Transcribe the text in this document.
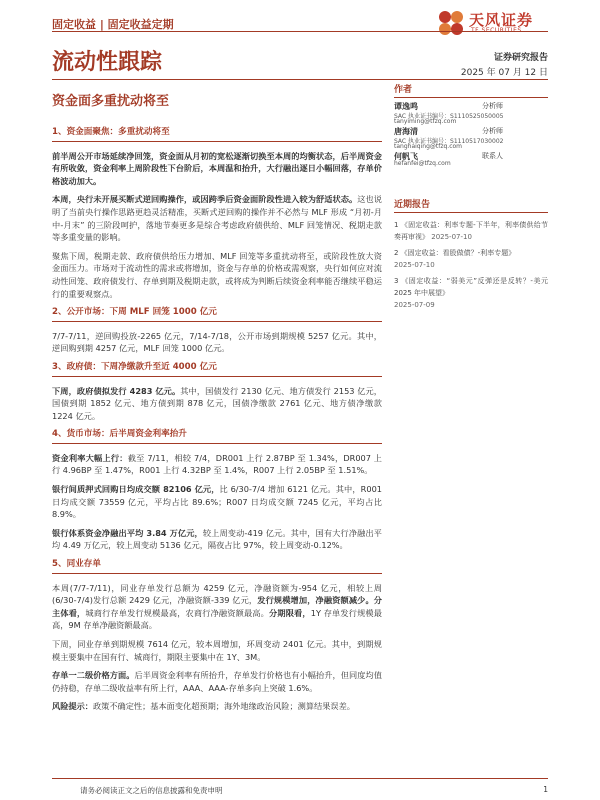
固定收益 | 固定收益定期	天风证券
流动性跟踪	证券研究报告
2025 年 07 月 12 日
资金面多重扰动将至
1、资金面聚焦：多重扰动将至

前半周公开市场延续净回笼，资金面从月初的宽松逐渐切换至本周的均衡状态，后半周资金有所收敛，资金利率上周阶段性下台阶后，本周温和抬升，大行融出逐日小幅回落，存单价格波动加大。

本周，央行未开展买断式逆回购操作，或因跨季后资金面阶段性进入较为舒适状态。这也说明了当前央行操作思路更趋灵活精准，买断式逆回购的操作并不必然与 MLF 形成 “月初-月中-月末” 的三阶段呵护，落地节奏更多是综合考虑政府债供给、MLF 回笼情况、税期走款等多重变量的影响。

聚焦下周，税期走款、政府债供给压力增加、MLF 回笼等多重扰动将至，或阶段性放大资金面压力。市场对于流动性的需求或将增加，资金与存单的价格或需观察，央行如何应对流动性回笼、政府债发行、存单到期及税期走款，或将成为判断后续资金利率能否继续平稳运行的重要观察点。

2、公开市场：下周 MLF 回笼 1000 亿元

7/7-7/11，逆回购投放-2265 亿元，7/14-7/18，公开市场到期规模 5257 亿元。其中，逆回购到期 4257 亿元，MLF 回笼 1000 亿元。

3、政府债：下周净缴款升至近 4000 亿元

下周，政府债拟发行 4283 亿元。其中，国债发行 2130 亿元、地方债发行 2153 亿元，国债到期 1852 亿元、地方债到期 878 亿元，国债净缴款 2761 亿元、地方债净缴款 1224 亿元。

4、货币市场：后半周资金利率抬升

资金利率大幅上行：截至 7/11，相较 7/4，DR001 上行 2.87BP 至 1.34%，DR007 上行 4.96BP 至 1.47%，R001 上行 4.32BP 至 1.4%，R007 上行 2.05BP 至 1.51%。

银行间质押式回购日均成交额 82106 亿元，比 6/30-7/4 增加 6121 亿元。其中，R001 日均成交额 73559 亿元，平均占比 89.6%；R007 日均成交额 7245 亿元，平均占比 8.9%。

银行体系资金净融出平均 3.84 万亿元，较上周变动-419 亿元。其中，国有大行净融出平均 4.49 万亿元，较上周变动 5136 亿元，隔夜占比 97%，较上周变动-0.12%。

5、同业存单

本周(7/7-7/11)，同业存单发行总额为 4259 亿元，净融资额为-954 亿元，相较上周(6/30-7/4)发行总额 2429 亿元，净融资额-339 亿元，发行规模增加，净融资额减少。分主体看，城商行存单发行规模最高，农商行净融资额最高。分期限看，1Y 存单发行规模最高，9M 存单净融资额最高。

下周，同业存单到期规模 7614 亿元，较本周增加，环周变动 2401 亿元。其中，到期规模主要集中在国有行、城商行，期限主要集中在 1Y、3M。

存单一二级价格方面。后半周资金利率有所抬升，存单发行价格也有小幅抬升，但同度均值仍持稳，存单二级收益率有所上行，AAA、AAA-存单多向上突破 1.6%。

风险提示：政策不确定性；基本面变化超预期；海外地缘政治风险；测算结果误差。

作者
谭逸鸣	分析师
SAC 执业证书编号：S1110525050005
tanyiming@tfzq.com
唐海清	分析师
SAC 执业证书编号：S1110517030002
tanghaiqing@tfzq.com
何帆飞	联系人
hefanfei@tfzq.com
近期报告
1 《固定收益：利率专题-下半年，利率债供给节奏再审视》 2025-07-10
2 《固定收益：看股做债？-利率专题》
2025-07-10
3 《固定收益：“弱美元”反弹还是反转？-美元 2025 年中展望》
2025-07-09
请务必阅读正文之后的信息披露和免责申明	1
